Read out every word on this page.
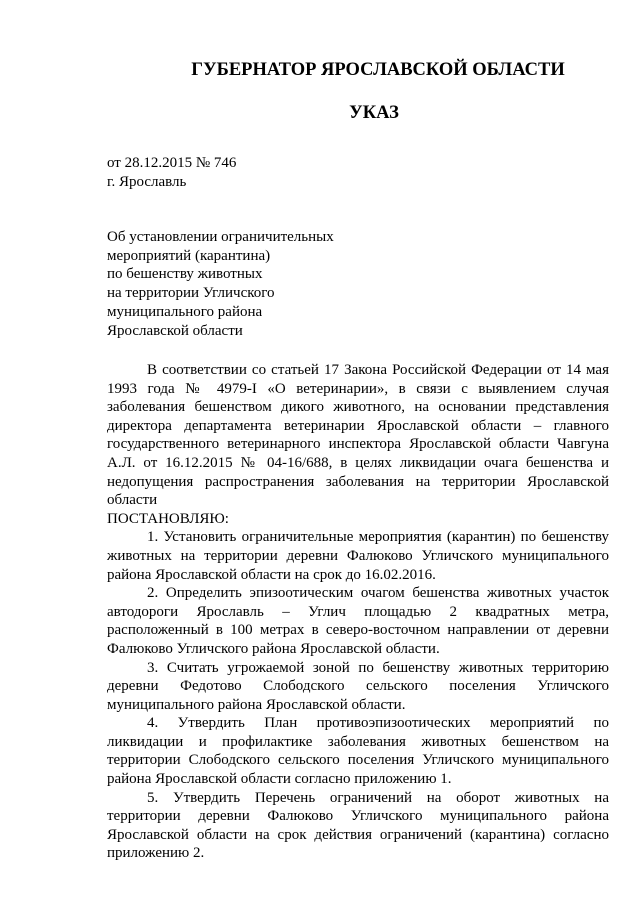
ГУБЕРНАТОР ЯРОСЛАВСКОЙ ОБЛАСТИ
УКАЗ
от 28.12.2015 № 746
г. Ярославль
Об установлении ограничительных
мероприятий (карантина)
по бешенству животных
на территории Угличского
муниципального района
Ярославской области

В соответствии со статьей 17 Закона Российской Федерации от 14 мая 1993 года № 4979-I «О ветеринарии», в связи с выявлением случая заболевания бешенством дикого животного, на основании представления директора департамента ветеринарии Ярославской области – главного государственного ветеринарного инспектора Ярославской области Чавгуна А.Л. от 16.12.2015 № 04-16/688, в целях ликвидации очага бешенства и недопущения распространения заболевания на территории Ярославской области

ПОСТАНОВЛЯЮ:

1. Установить ограничительные мероприятия (карантин) по бешенству животных на территории деревни Фалюково Угличского муниципального района Ярославской области на срок до 16.02.2016.

2. Определить эпизоотическим очагом бешенства животных участок автодороги Ярославль – Углич площадью 2 квадратных метра, расположенный в 100 метрах в северо-восточном направлении от деревни Фалюково Угличского района Ярославской области.

3. Считать угрожаемой зоной по бешенству животных территорию деревни Федотово Слободского сельского поселения Угличского муниципального района Ярославской области.

4. Утвердить План противоэпизоотических мероприятий по ликвидации и профилактике заболевания животных бешенством на территории Слободского сельского поселения Угличского муниципального района Ярославской области согласно приложению 1.

5. Утвердить Перечень ограничений на оборот животных на территории деревни Фалюково Угличского муниципального района Ярославской области на срок действия ограничений (карантина) согласно приложению 2.
